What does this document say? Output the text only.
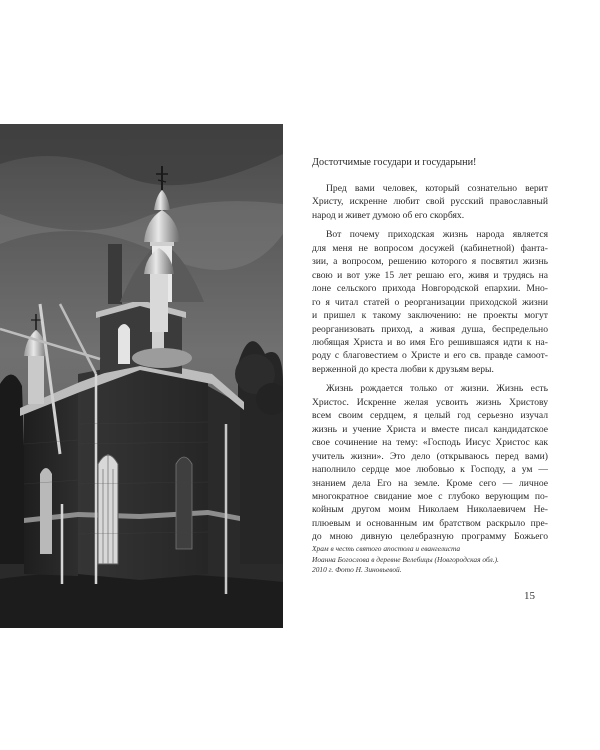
Достотчимые государи и государыни!
Пред вами человек, который сознательно верит
Христу, искренне любит свой русский православный
народ и живет думою об его скорбях.
Вот почему приходская жизнь народа является
для меня не вопросом досужей (кабинетной) фанта-
зии, а вопросом, решению которого я посвятил жизнь
свою и вот уже 15 лет решаю его, живя и трудясь на
лоне сельского прихода Новгородской епархии. Мно-
го я читал статей о реорганизации приходской жизни
и пришел к такому заключению: не проекты могут
реорганизовать приход, а живая душа, беспредельно
любящая Христа и во имя Его решившаяся идти к на-
роду с благовестием о Христе и его св. правде самоот-
верженной до креста любви к друзьям веры.
Жизнь рождается только от жизни. Жизнь есть
Христос. Искренне желая усвоить жизнь Христову
всем своим сердцем, я целый год серьезно изучал
жизнь и учение Христа и вместе писал кандидатское
свое сочинение на тему: «Господь Иисус Христос как
учитель жизни». Это дело (открываюсь перед вами)
наполнило сердце мое любовью к Господу, а ум —
знанием дела Его на земле. Кроме сего — личное
многократное свидание мое с глубоко верующим по-
койным другом моим Николаем Николаевичем Не-
плюевым и основанным им братством раскрыло пре-
до мною дивную целебразную программу Божьего
Храм в честь святого апостола и евангелиста
Иоанна Богослова в деревне Велебицы (Новгородская обл.).
2010 г. Фото Н. Зиновьевой.
15
